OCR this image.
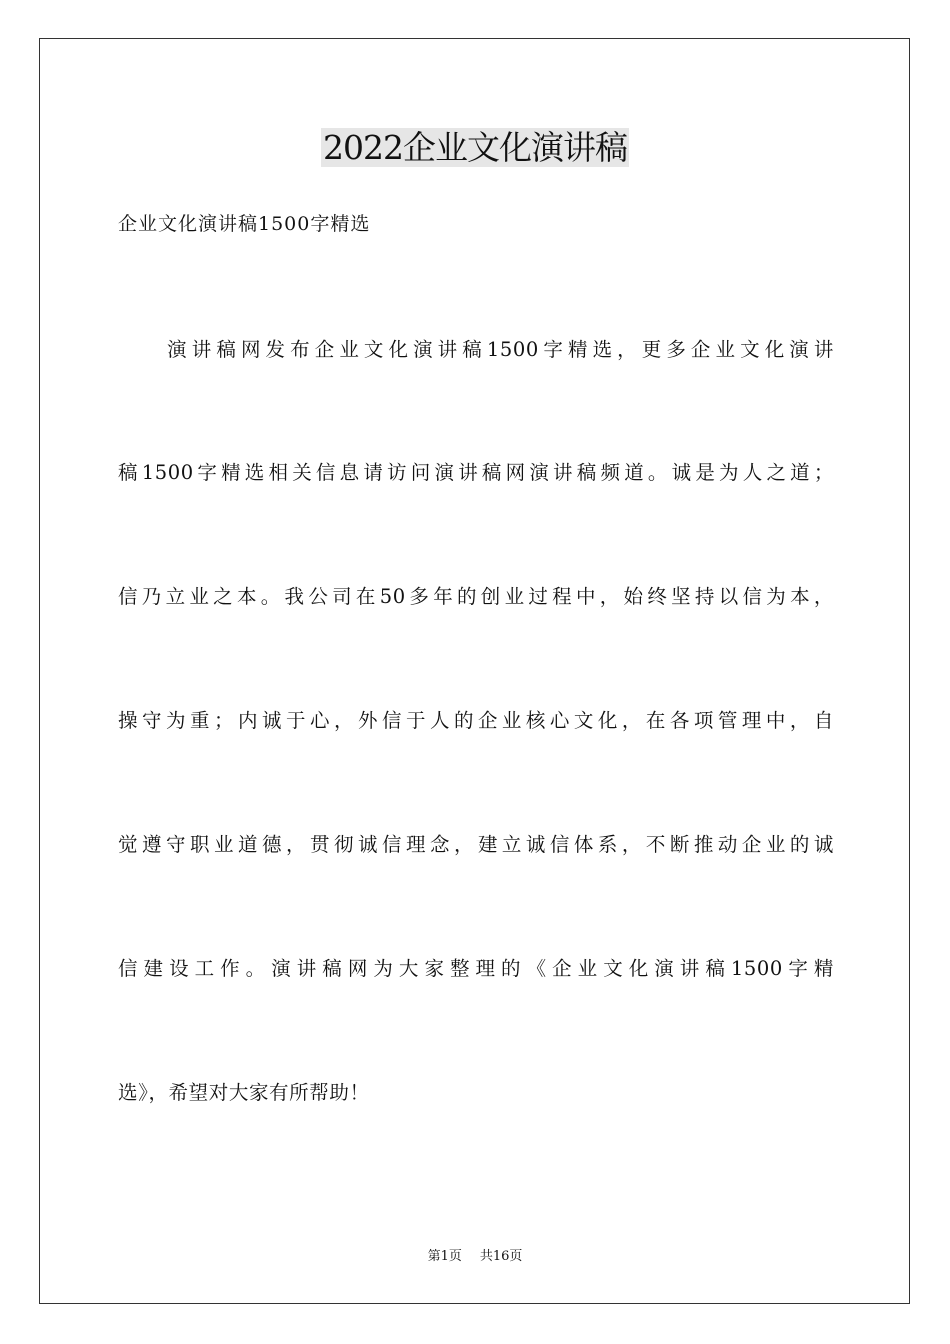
2022企业文化演讲稿
企业文化演讲稿1500字精选
　　演讲稿网发布企业文化演讲稿1500字精选，更多企业文化演讲
稿1500字精选相关信息请访问演讲稿网演讲稿频道。诚是为人之道；
信乃立业之本。我公司在50多年的创业过程中，始终坚持以信为本，
操守为重；内诚于心，外信于人的企业核心文化，在各项管理中，自
觉遵守职业道德，贯彻诚信理念，建立诚信体系，不断推动企业的诚
信建设工作。演讲稿网为大家整理的《企业文化演讲稿1500字精
选》，希望对大家有所帮助！
第1页 共16页
